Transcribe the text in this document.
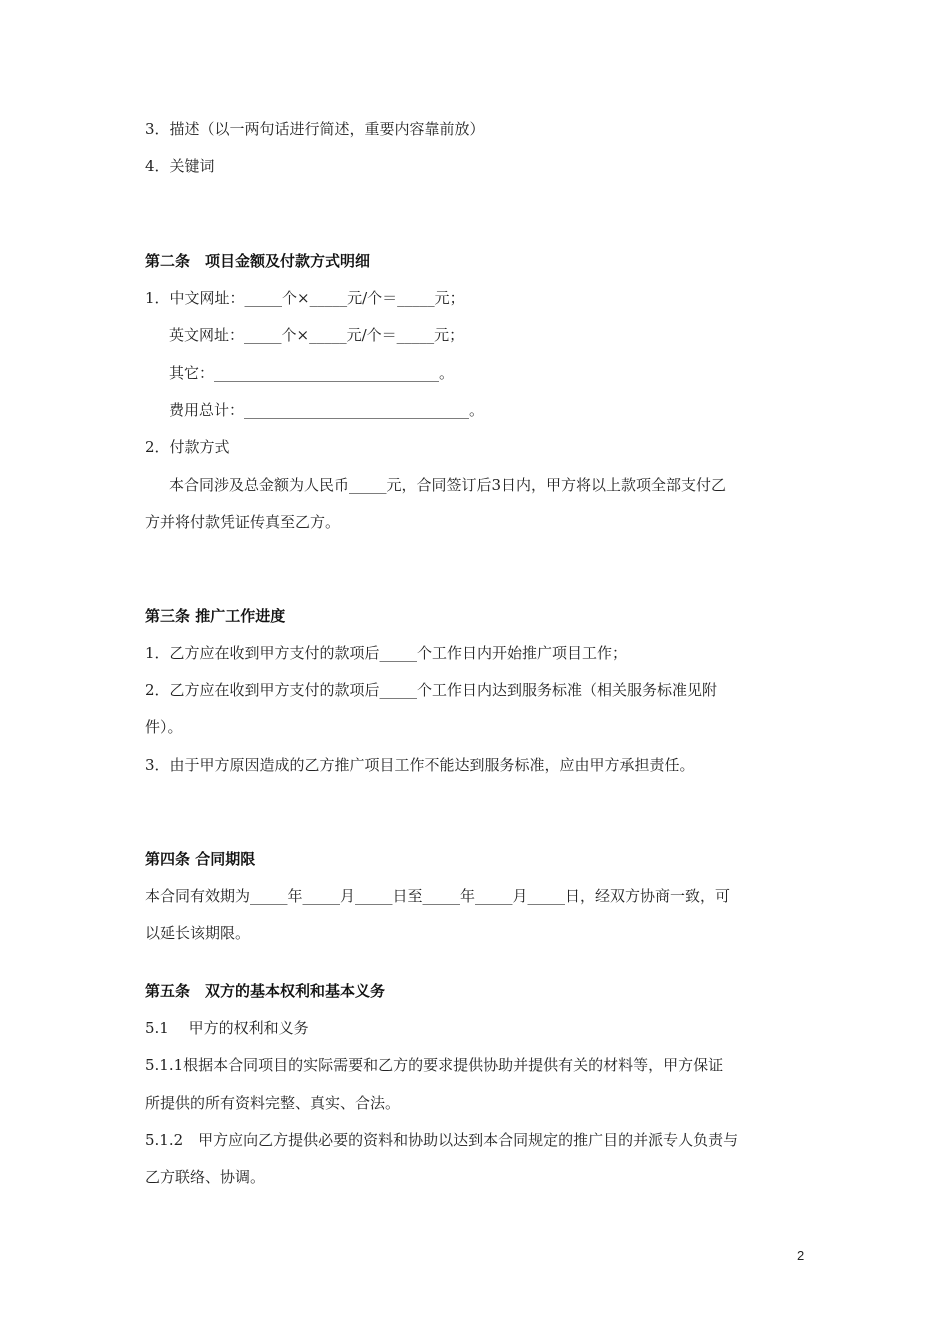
3．描述（以一两句话进行简述，重要内容靠前放）
4．关键词
第二条　项目金额及付款方式明细
1．中文网址：_____个×_____元/个＝_____元；
英文网址：_____个×_____元/个＝_____元；
其它：______________________________。
费用总计：______________________________。
2．付款方式
本合同涉及总金额为人民币_____元，合同签订后3日内，甲方将以上款项全部支付乙
方并将付款凭证传真至乙方。
第三条 推广工作进度
1．乙方应在收到甲方支付的款项后_____个工作日内开始推广项目工作；
2．乙方应在收到甲方支付的款项后_____个工作日内达到服务标准（相关服务标准见附
件）。
3．由于甲方原因造成的乙方推广项目工作不能达到服务标准，应由甲方承担责任。
第四条 合同期限
本合同有效期为_____年_____月_____日至_____年_____月_____日，经双方协商一致，可
以延长该期限。
第五条　双方的基本权利和基本义务
5.1　 甲方的权利和义务
5.1.1根据本合同项目的实际需要和乙方的要求提供协助并提供有关的材料等，甲方保证
所提供的所有资料完整、真实、合法。
5.1.2　甲方应向乙方提供必要的资料和协助以达到本合同规定的推广目的并派专人负责与
乙方联络、协调。
2
